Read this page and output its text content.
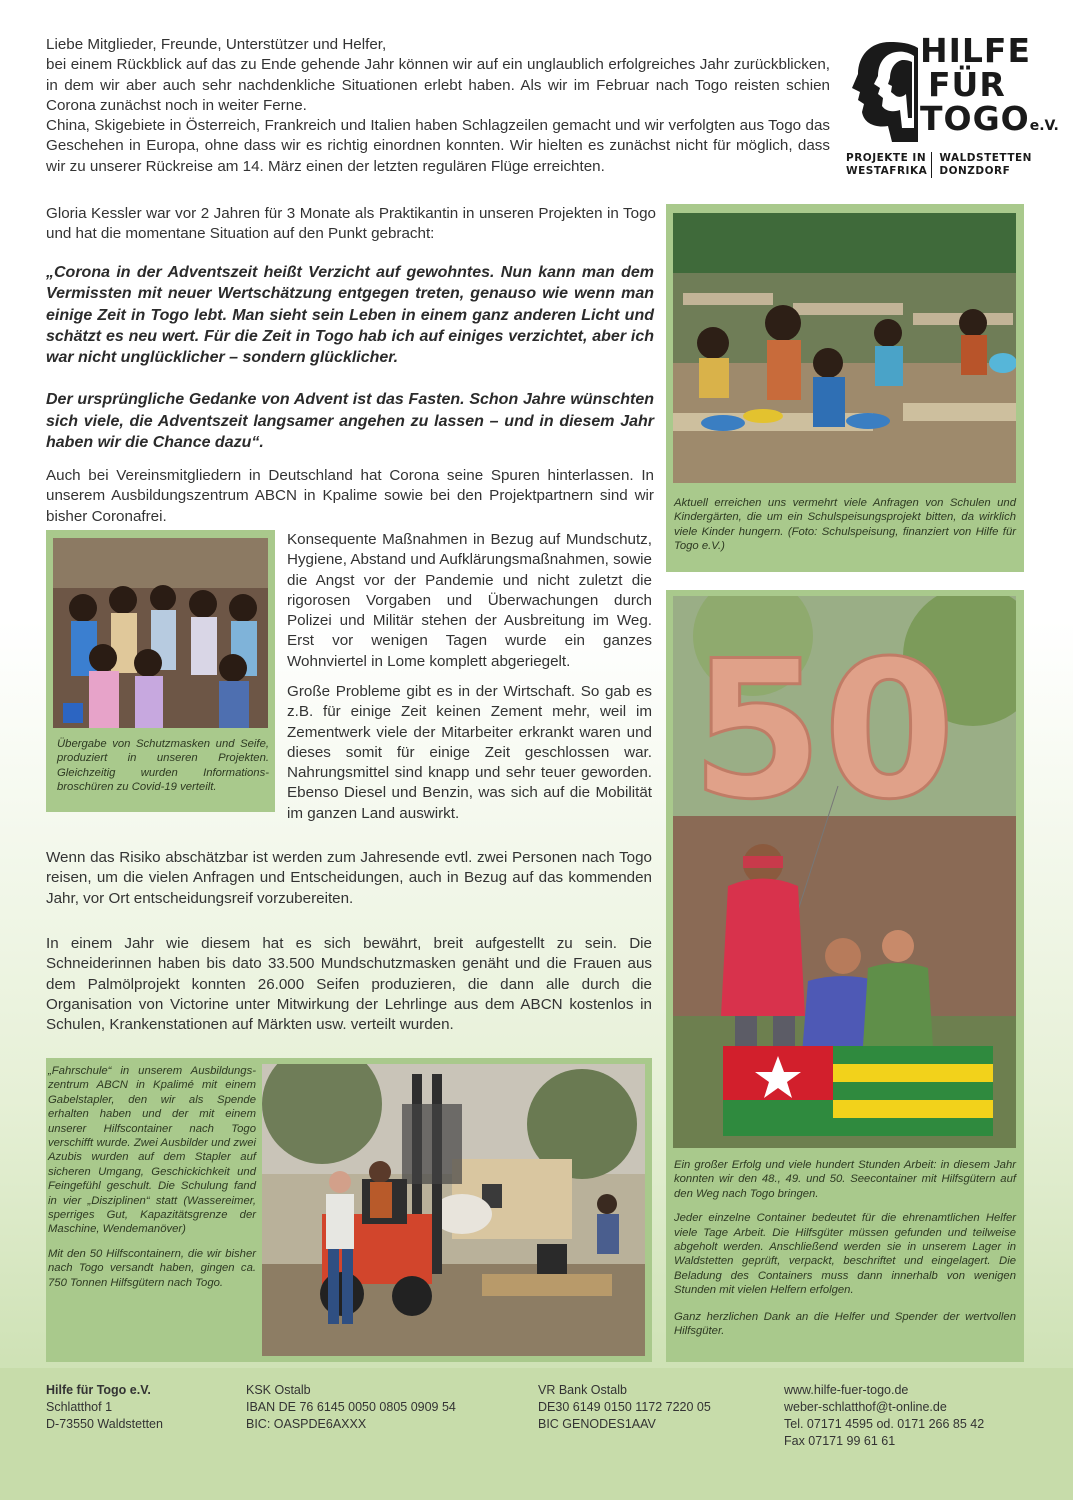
HILFE
FÜR
TOGOe.V.
PROJEKTE IN
WESTAFRIKA

WALDSTETTEN
DONZDORF

Liebe Mitglieder, Freunde, Unterstützer und Helfer,

bei einem Rückblick auf das zu Ende gehende Jahr können wir auf ein unglaublich erfolgreiches Jahr zurückblicken, in dem wir aber auch sehr nachdenkliche Situationen erlebt haben. Als wir im Februar nach Togo reisten schien Corona zunächst noch in weiter Ferne.

China, Skigebiete in Österreich, Frankreich und Italien haben Schlagzeilen gemacht und wir verfolgten aus Togo das Geschehen in Europa, ohne dass wir es richtig einordnen konnten. Wir hielten es zunächst nicht für möglich, dass wir zu unserer Rückreise am 14. März einen der letzten regulären Flüge erreichten.

Gloria Kessler war vor 2 Jahren für 3 Monate als Praktikantin in unseren Projekten in Togo und hat die momentane Situation auf den Punkt gebracht:

„Corona in der Adventszeit heißt Verzicht auf gewohntes. Nun kann man dem Vermissten mit neuer Wertschätzung entgegen treten, genauso wie wenn man einige Zeit in Togo lebt. Man sieht sein Leben in einem ganz anderen Licht und schätzt es neu wert. Für die Zeit in Togo hab ich auf einiges verzichtet, aber ich war nicht unglücklicher – sondern glücklicher.

Der ursprüngliche Gedanke von Advent ist das Fasten. Schon Jahre wünschten sich viele, die Adventszeit langsamer angehen zu lassen – und in diesem Jahr haben wir die Chance dazu“.

Auch bei Vereinsmitgliedern in Deutschland hat Corona seine Spuren hinterlassen. In unserem Ausbildungszentrum ABCN in Kpalime sowie bei den Projektpartnern sind wir bisher Coronafrei.
Aktuell erreichen uns vermehrt viele Anfragen von Schulen und Kindergärten, die um ein Schulspeisungsprojekt bitten, da wirklich viele Kinder hungern. (Foto: Schulspeisung, finanziert von Hilfe für Togo e.V.)
Übergabe von Schutzmasken und Seife, produziert in unseren Projekten. Gleichzeitig wurden Informations-broschüren zu Covid-19 verteilt.
Konsequente Maßnahmen in Bezug auf Mundschutz, Hygiene, Abstand und Aufklärungsmaßnahmen, sowie die Angst vor der Pandemie und nicht zuletzt die rigorosen Vorgaben und Überwachungen durch Polizei und Militär stehen der Ausbreitung im Weg. Erst vor wenigen Tagen wurde ein ganzes Wohnviertel in Lome komplett abgeriegelt.
Große Probleme gibt es in der Wirtschaft. So gab es z.B. für einige Zeit keinen Zement mehr, weil im Zementwerk viele der Mitarbeiter erkrankt waren und dieses somit für einige Zeit geschlossen war. Nahrungsmittel sind knapp und sehr teuer geworden. Ebenso Diesel und Benzin, was sich auf die Mobilität im ganzen Land auswirkt.
Wenn das Risiko abschätzbar ist werden zum Jahresende evtl. zwei Personen nach Togo reisen, um die vielen Anfragen und Entscheidungen, auch in Bezug auf das kommenden Jahr, vor Ort entscheidungsreif vorzubereiten.
In einem Jahr wie diesem hat es sich bewährt, breit aufgestellt zu sein. Die Schneiderinnen haben bis dato 33.500 Mundschutzmasken genäht und die Frauen aus dem Palmölprojekt konnten 26.000 Seifen produzieren, die dann alle durch die Organisation von Victorine unter Mitwirkung der Lehrlinge aus dem ABCN kostenlos in Schulen, Krankenstationen auf Märkten usw. verteilt wurden.
50

Ein großer Erfolg und viele hundert Stunden Arbeit: in diesem Jahr konnten wir den 48., 49. und 50. Seecontainer mit Hilfsgütern auf den Weg nach Togo bringen.

Jeder einzelne Container bedeutet für die ehrenamtlichen Helfer viele Tage Arbeit. Die Hilfsgüter müssen gefunden und teilweise abgeholt werden. Anschließend werden sie in unserem Lager in Waldstetten geprüft, verpackt, beschriftet und eingelagert. Die Beladung des Containers muss dann innerhalb von wenigen Stunden mit vielen Helfern erfolgen.

Ganz herzlichen Dank an die Helfer und Spender der wertvollen Hilfsgüter.

„Fahrschule“ in unserem Ausbildungs-zentrum ABCN in Kpalimé mit einem Gabelstapler, den wir als Spende erhalten haben und der mit einem unserer Hilfscontainer nach Togo verschifft wurde. Zwei Ausbilder und zwei Azubis wurden auf dem Stapler auf sicheren Umgang, Geschickichkeit und Feingefühl geschult. Die Schulung fand in vier „Disziplinen“ statt (Wassereimer, sperriges Gut, Kapazitätsgrenze der Maschine, Wendemanöver)

Mit den 50 Hilfscontainern, die wir bisher nach Togo versandt haben, gingen ca. 750 Tonnen Hilfsgütern nach Togo.

Hilfe für Togo e.V.
Schlatthof 1
D-73550 Waldstetten
KSK Ostalb
IBAN DE 76 6145 0050 0805 0909 54
BIC: OASPDE6AXXX
VR Bank Ostalb
DE30 6149 0150 1172 7220 05
BIC GENODES1AAV
www.hilfe-fuer-togo.de
weber-schlatthof@t-online.de
Tel. 07171 4595 od. 0171 266 85 42
Fax 07171 99 61 61
